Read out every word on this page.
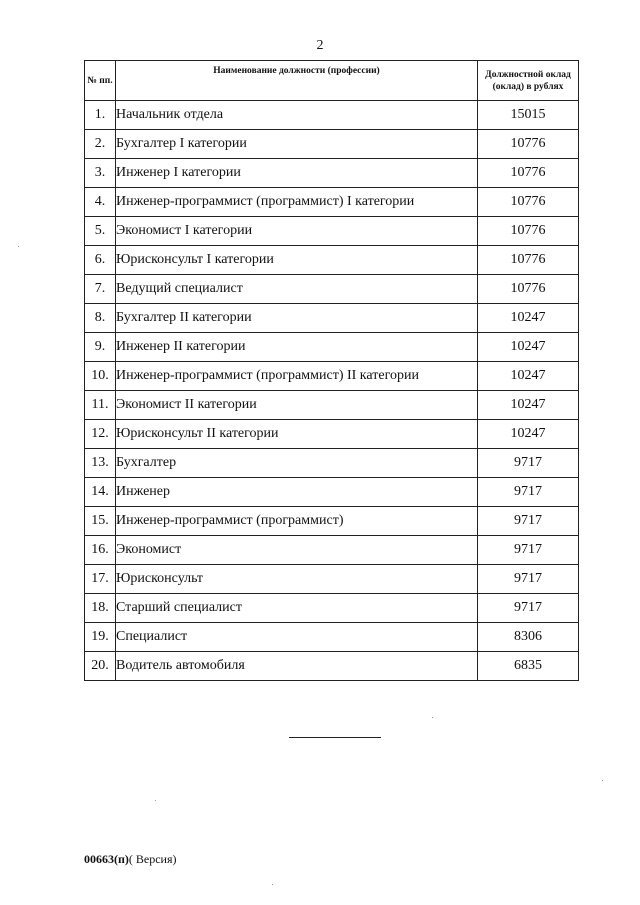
2
№ пп.	Наименование должности (профессии)	Должностной оклад (оклад) в рублях
1.	Начальник отдела	15015
2.	Бухгалтер I категории	10776
3.	Инженер I категории	10776
4.	Инженер-программист (программист) I категории	10776
5.	Экономист I категории	10776
6.	Юрисконсульт I категории	10776
7.	Ведущий специалист	10776
8.	Бухгалтер II категории	10247
9.	Инженер II категории	10247
10.	Инженер-программист (программист) II категории	10247
11.	Экономист II категории	10247
12.	Юрисконсульт II категории	10247
13.	Бухгалтер	9717
14.	Инженер	9717
15.	Инженер-программист (программист)	9717
16.	Экономист	9717
17.	Юрисконсульт	9717
18.	Старший специалист	9717
19.	Специалист	8306
20.	Водитель автомобиля	6835
00663(п)( Версия)
